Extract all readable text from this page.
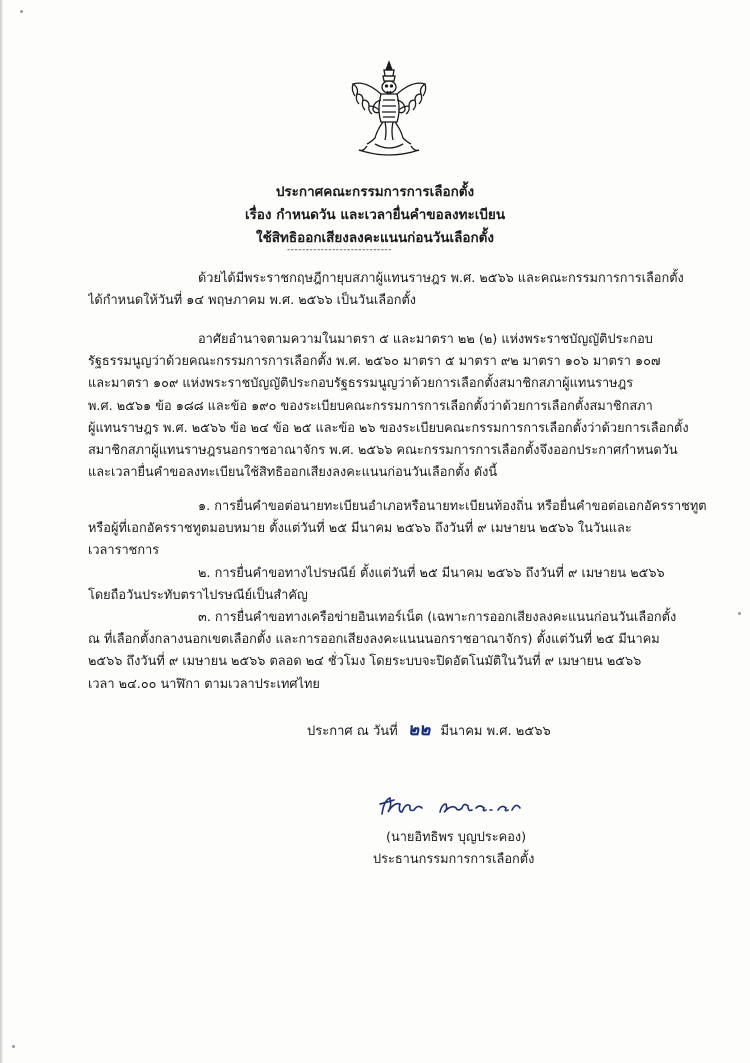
ประกาศคณะกรรมการการเลือกตั้ง
เรื่อง กำหนดวัน และเวลายื่นคำขอลงทะเบียน
ใช้สิทธิออกเสียงลงคะแนนก่อนวันเลือกตั้ง
----------------------------
ด้วยได้มีพระราชกฤษฎีกายุบสภาผู้แทนราษฎร พ.ศ. ๒๕๖๖ และคณะกรรมการการเลือกตั้ง
ได้กำหนดให้วันที่ ๑๔ พฤษภาคม พ.ศ. ๒๕๖๖ เป็นวันเลือกตั้ง
อาศัยอำนาจตามความในมาตรา ๕ และมาตรา ๒๒ (๒) แห่งพระราชบัญญัติประกอบ
รัฐธรรมนูญว่าด้วยคณะกรรมการการเลือกตั้ง พ.ศ. ๒๕๖๐ มาตรา ๕ มาตรา ๙๒ มาตรา ๑๐๖ มาตรา ๑๐๗
และมาตรา ๑๐๙ แห่งพระราชบัญญัติประกอบรัฐธรรมนูญว่าด้วยการเลือกตั้งสมาชิกสภาผู้แทนราษฎร
พ.ศ. ๒๕๖๑ ข้อ ๑๘๘ และข้อ ๑๙๐ ของระเบียบคณะกรรมการการเลือกตั้งว่าด้วยการเลือกตั้งสมาชิกสภา
ผู้แทนราษฎร พ.ศ. ๒๕๖๖ ข้อ ๒๔ ข้อ ๒๕ และข้อ ๒๖ ของระเบียบคณะกรรมการการเลือกตั้งว่าด้วยการเลือกตั้ง
สมาชิกสภาผู้แทนราษฎรนอกราชอาณาจักร พ.ศ. ๒๕๖๖ คณะกรรมการการเลือกตั้งจึงออกประกาศกำหนดวัน
และเวลายื่นคำขอลงทะเบียนใช้สิทธิออกเสียงลงคะแนนก่อนวันเลือกตั้ง ดังนี้
๑. การยื่นคำขอต่อนายทะเบียนอำเภอหรือนายทะเบียนท้องถิ่น หรือยื่นคำขอต่อเอกอัครราชทูต
หรือผู้ที่เอกอัครราชทูตมอบหมาย ตั้งแต่วันที่ ๒๕ มีนาคม ๒๕๖๖ ถึงวันที่ ๙ เมษายน ๒๕๖๖ ในวันและ
เวลาราชการ
๒. การยื่นคำขอทางไปรษณีย์ ตั้งแต่วันที่ ๒๕ มีนาคม ๒๕๖๖ ถึงวันที่ ๙ เมษายน ๒๕๖๖
โดยถือวันประทับตราไปรษณีย์เป็นสำคัญ
๓. การยื่นคำขอทางเครือข่ายอินเทอร์เน็ต (เฉพาะการออกเสียงลงคะแนนก่อนวันเลือกตั้ง
ณ ที่เลือกตั้งกลางนอกเขตเลือกตั้ง และการออกเสียงลงคะแนนนอกราชอาณาจักร) ตั้งแต่วันที่ ๒๕ มีนาคม
๒๕๖๖ ถึงวันที่ ๙ เมษายน ๒๕๖๖ ตลอด ๒๔ ชั่วโมง โดยระบบจะปิดอัตโนมัติในวันที่ ๙ เมษายน ๒๕๖๖
เวลา ๒๔.๐๐ นาฬิกา ตามเวลาประเทศไทย
ประกาศ ณ วันที่ ๒๒ มีนาคม พ.ศ. ๒๕๖๖
(นายอิทธิพร บุญประคอง)
ประธานกรรมการการเลือกตั้ง
